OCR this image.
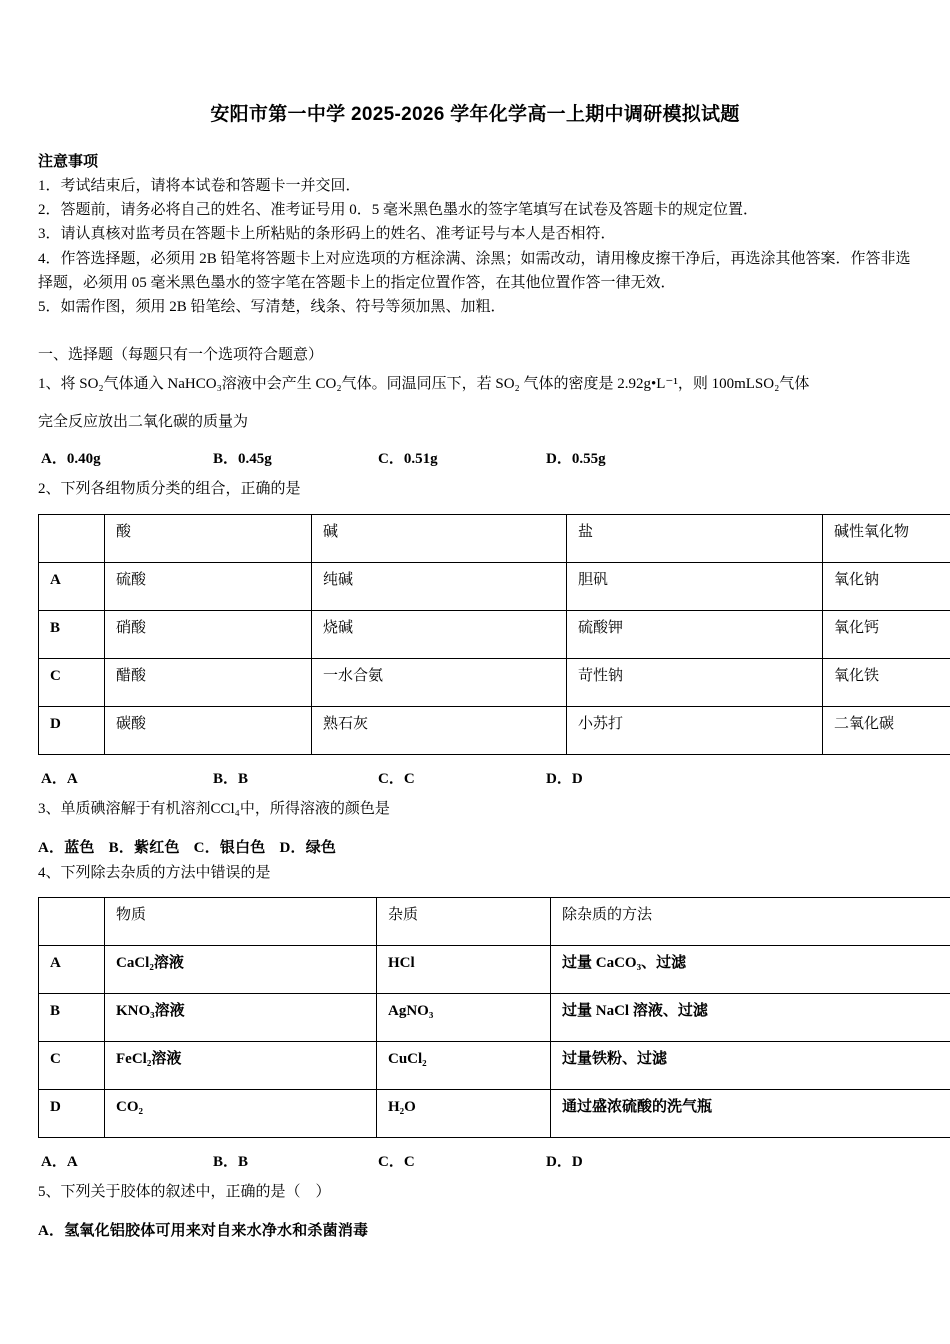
安阳市第一中学 2025-2026 学年化学高一上期中调研模拟试题
注意事项

1．考试结束后，请将本试卷和答题卡一并交回．

2．答题前，请务必将自己的姓名、准考证号用 0．5 毫米黑色墨水的签字笔填写在试卷及答题卡的规定位置．

3．请认真核对监考员在答题卡上所粘贴的条形码上的姓名、准考证号与本人是否相符．

4．作答选择题，必须用 2B 铅笔将答题卡上对应选项的方框涂满、涂黑；如需改动，请用橡皮擦干净后，再选涂其他答案．作答非选择题，必须用 05 毫米黑色墨水的签字笔在答题卡上的指定位置作答，在其他位置作答一律无效．

5．如需作图，须用 2B 铅笔绘、写清楚，线条、符号等须加黑、加粗．

一、选择题（每题只有一个选项符合题意）
1、将 SO₂气体通入 NaHCO₃溶液中会产生 CO₂气体。同温同压下，若 SO₂ 气体的密度是 2.92g•L⁻¹，则 100mLSO₂气体
完全反应放出二氧化碳的质量为
A．0.40g	B．0.45g	C．0.51g	D．0.55g
2、下列各组物质分类的组合，正确的是
	酸	碱	盐	碱性氧化物
A	硫酸	纯碱	胆矾	氧化钠
B	硝酸	烧碱	硫酸钾	氧化钙
C	醋酸	一水合氨	苛性钠	氧化铁
D	碳酸	熟石灰	小苏打	二氧化碳
A．A	B．B	C．C	D．D
3、单质碘溶解于有机溶剂CCl₄中，所得溶液的颜色是
A．蓝色 B．紫红色 C．银白色 D．绿色
4、下列除去杂质的方法中错误的是
	物质	杂质	除杂质的方法
A	CaCl₂溶液	HCl	过量 CaCO₃、过滤
B	KNO₃溶液	AgNO₃	过量 NaCl 溶液、过滤
C	FeCl₂溶液	CuCl₂	过量铁粉、过滤
D	CO₂	H₂O	通过盛浓硫酸的洗气瓶
A．A	B．B	C．C	D．D
5、下列关于胶体的叙述中，正确的是（　）
A．氢氧化铝胶体可用来对自来水净水和杀菌消毒
